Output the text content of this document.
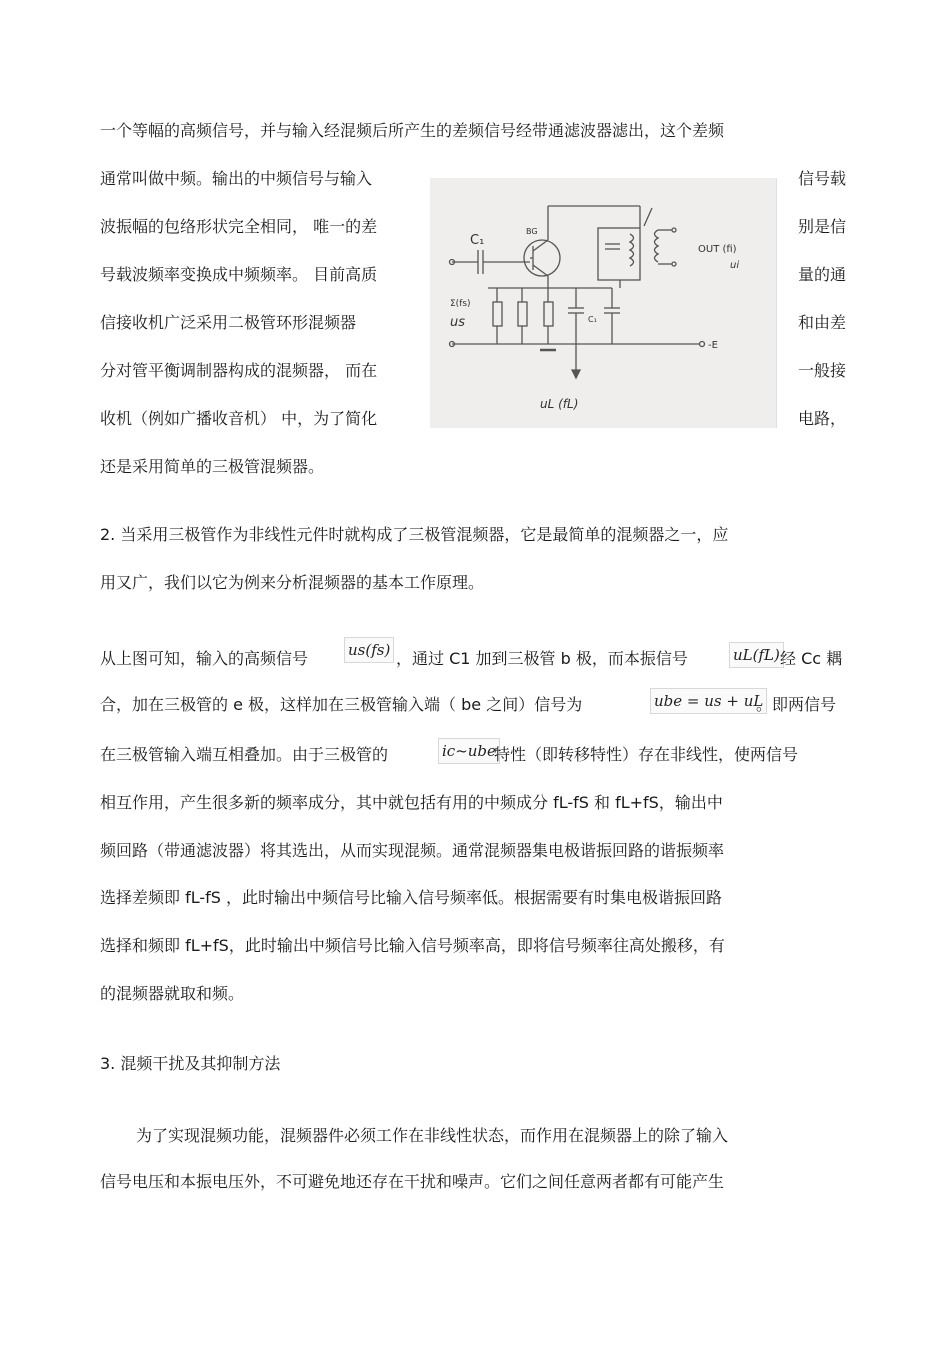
一个等幅的高频信号，并与输入经混频后所产生的差频信号经带通滤波器滤出，这个差频
通常叫做中频。输出的中频信号与输入	信号载
波振幅的包络形状完全相同， 唯一的差	别是信
号载波频率变换成中频频率。 目前高质	量的通
信接收机广泛采用二极管环形混频器	和由差
分对管平衡调制器构成的混频器， 而在	一般接
收机（例如广播收音机） 中，为了简化	电路，
还是采用简单的三极管混频器。
C₁
BG
Σ(fs)
us	C₁
-E
OUT (fi)
ui
uL (fL)
2. 当采用三极管作为非线性元件时就构成了三极管混频器，它是最简单的混频器之一，应
用又广，我们以它为例来分析混频器的基本工作原理。
从上图可知，输入的高频信号	us(fs) ，通过 C1 加到三极管 b 极，而本振信号	uL(fL) 经 Cc 耦
合，加在三极管的 e 极，这样加在三极管输入端（ be 之间）信号为	ube = us + uL
。即两信号
在三极管输入端互相叠加。由于三极管的	ic~ube
特性（即转移特性）存在非线性，使两信号
相互作用，产生很多新的频率成分，其中就包括有用的中频成分 fL-fS 和 fL+fS，输出中
频回路（带通滤波器）将其选出，从而实现混频。通常混频器集电极谐振回路的谐振频率
选择差频即 fL-fS ，此时输出中频信号比输入信号频率低。根据需要有时集电极谐振回路
选择和频即 fL+fS，此时输出中频信号比输入信号频率高，即将信号频率往高处搬移，有
的混频器就取和频。
3. 混频干扰及其抑制方法
为了实现混频功能，混频器件必须工作在非线性状态，而作用在混频器上的除了输入
信号电压和本振电压外，不可避免地还存在干扰和噪声。它们之间任意两者都有可能产生
